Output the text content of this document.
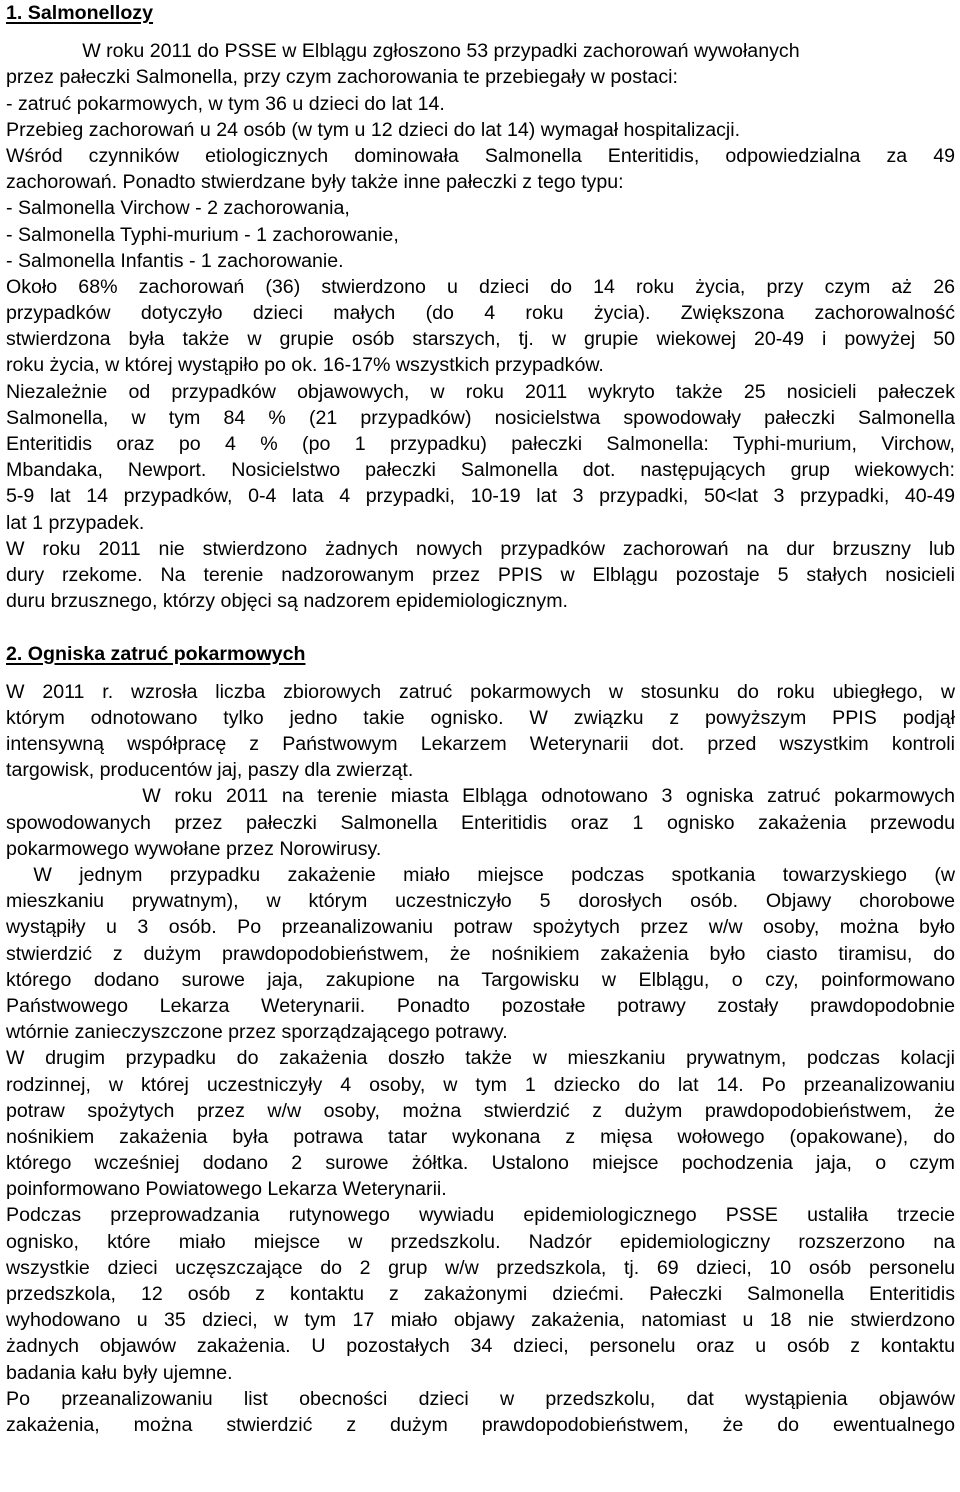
1. Salmonellozy
W roku 2011 do PSSE w Elblągu zgłoszono 53 przypadki zachorowań wywołanych
przez pałeczki Salmonella, przy czym zachorowania te przebiegały w postaci:
- zatruć pokarmowych, w tym 36 u dzieci do lat 14.
Przebieg zachorowań u 24 osób (w tym u 12 dzieci do lat 14) wymagał hospitalizacji.
Wśród czynników etiologicznych dominowała Salmonella Enteritidis, odpowiedzialna za 49
zachorowań. Ponadto stwierdzane były także inne pałeczki z tego typu:
- Salmonella Virchow - 2 zachorowania,
- Salmonella Typhi-murium - 1 zachorowanie,
- Salmonella Infantis - 1 zachorowanie.
Około 68% zachorowań (36) stwierdzono u dzieci do 14 roku życia, przy czym aż 26
przypadków dotyczyło dzieci małych (do 4 roku życia). Zwiększona zachorowalność
stwierdzona była także w grupie osób starszych, tj. w grupie wiekowej 20-49 i powyżej 50
roku życia, w której wystąpiło po ok. 16-17% wszystkich przypadków.
Niezależnie od przypadków objawowych, w roku 2011 wykryto także 25 nosicieli pałeczek
Salmonella, w tym 84 % (21 przypadków) nosicielstwa spowodowały pałeczki Salmonella
Enteritidis oraz po 4 % (po 1 przypadku) pałeczki Salmonella: Typhi-murium, Virchow,
Mbandaka, Newport. Nosicielstwo pałeczki Salmonella dot. następujących grup wiekowych:
5-9 lat 14 przypadków, 0-4 lata 4 przypadki, 10-19 lat 3 przypadki, 50<lat 3 przypadki, 40-49
lat 1 przypadek.
W roku 2011 nie stwierdzono żadnych nowych przypadków zachorowań na dur brzuszny lub
dury rzekome. Na terenie nadzorowanym przez PPIS w Elblągu pozostaje 5 stałych nosicieli
duru brzusznego, którzy objęci są nadzorem epidemiologicznym.
2. Ogniska zatruć pokarmowych
W 2011 r. wzrosła liczba zbiorowych zatruć pokarmowych w stosunku do roku ubiegłego, w
którym odnotowano tylko jedno takie ognisko. W związku z powyższym PPIS podjął
intensywną współpracę z Państwowym Lekarzem Weterynarii dot. przed wszystkim kontroli
targowisk, producentów jaj, paszy dla zwierząt.
W roku 2011 na terenie miasta Elbląga odnotowano 3 ogniska zatruć pokarmowych
spowodowanych przez pałeczki Salmonella Enteritidis oraz 1 ognisko zakażenia przewodu
pokarmowego wywołane przez Norowirusy.
W jednym przypadku zakażenie miało miejsce podczas spotkania towarzyskiego (w
mieszkaniu prywatnym), w którym uczestniczyło 5 dorosłych osób. Objawy chorobowe
wystąpiły u 3 osób. Po przeanalizowaniu potraw spożytych przez w/w osoby, można było
stwierdzić z dużym prawdopodobieństwem, że nośnikiem zakażenia było ciasto tiramisu, do
którego dodano surowe jaja, zakupione na Targowisku w Elblągu, o czy, poinformowano
Państwowego Lekarza Weterynarii. Ponadto pozostałe potrawy zostały prawdopodobnie
wtórnie zanieczyszczone przez sporządzającego potrawy.
W drugim przypadku do zakażenia doszło także w mieszkaniu prywatnym, podczas kolacji
rodzinnej, w której uczestniczyły 4 osoby, w tym 1 dziecko do lat 14. Po przeanalizowaniu
potraw spożytych przez w/w osoby, można stwierdzić z dużym prawdopodobieństwem, że
nośnikiem zakażenia była potrawa tatar wykonana z mięsa wołowego (opakowane), do
którego wcześniej dodano 2 surowe żółtka. Ustalono miejsce pochodzenia jaja, o czym
poinformowano Powiatowego Lekarza Weterynarii.
Podczas przeprowadzania rutynowego wywiadu epidemiologicznego PSSE ustaliła trzecie
ognisko, które miało miejsce w przedszkolu. Nadzór epidemiologiczny rozszerzono na
wszystkie dzieci uczęszczające do 2 grup w/w przedszkola, tj. 69 dzieci, 10 osób personelu
przedszkola, 12 osób z kontaktu z zakażonymi dziećmi. Pałeczki Salmonella Enteritidis
wyhodowano u 35 dzieci, w tym 17 miało objawy zakażenia, natomiast u 18 nie stwierdzono
żadnych objawów zakażenia. U pozostałych 34 dzieci, personelu oraz u osób z kontaktu
badania kału były ujemne.
Po przeanalizowaniu list obecności dzieci w przedszkolu, dat wystąpienia objawów
zakażenia, można stwierdzić z dużym prawdopodobieństwem, że do ewentualnego
